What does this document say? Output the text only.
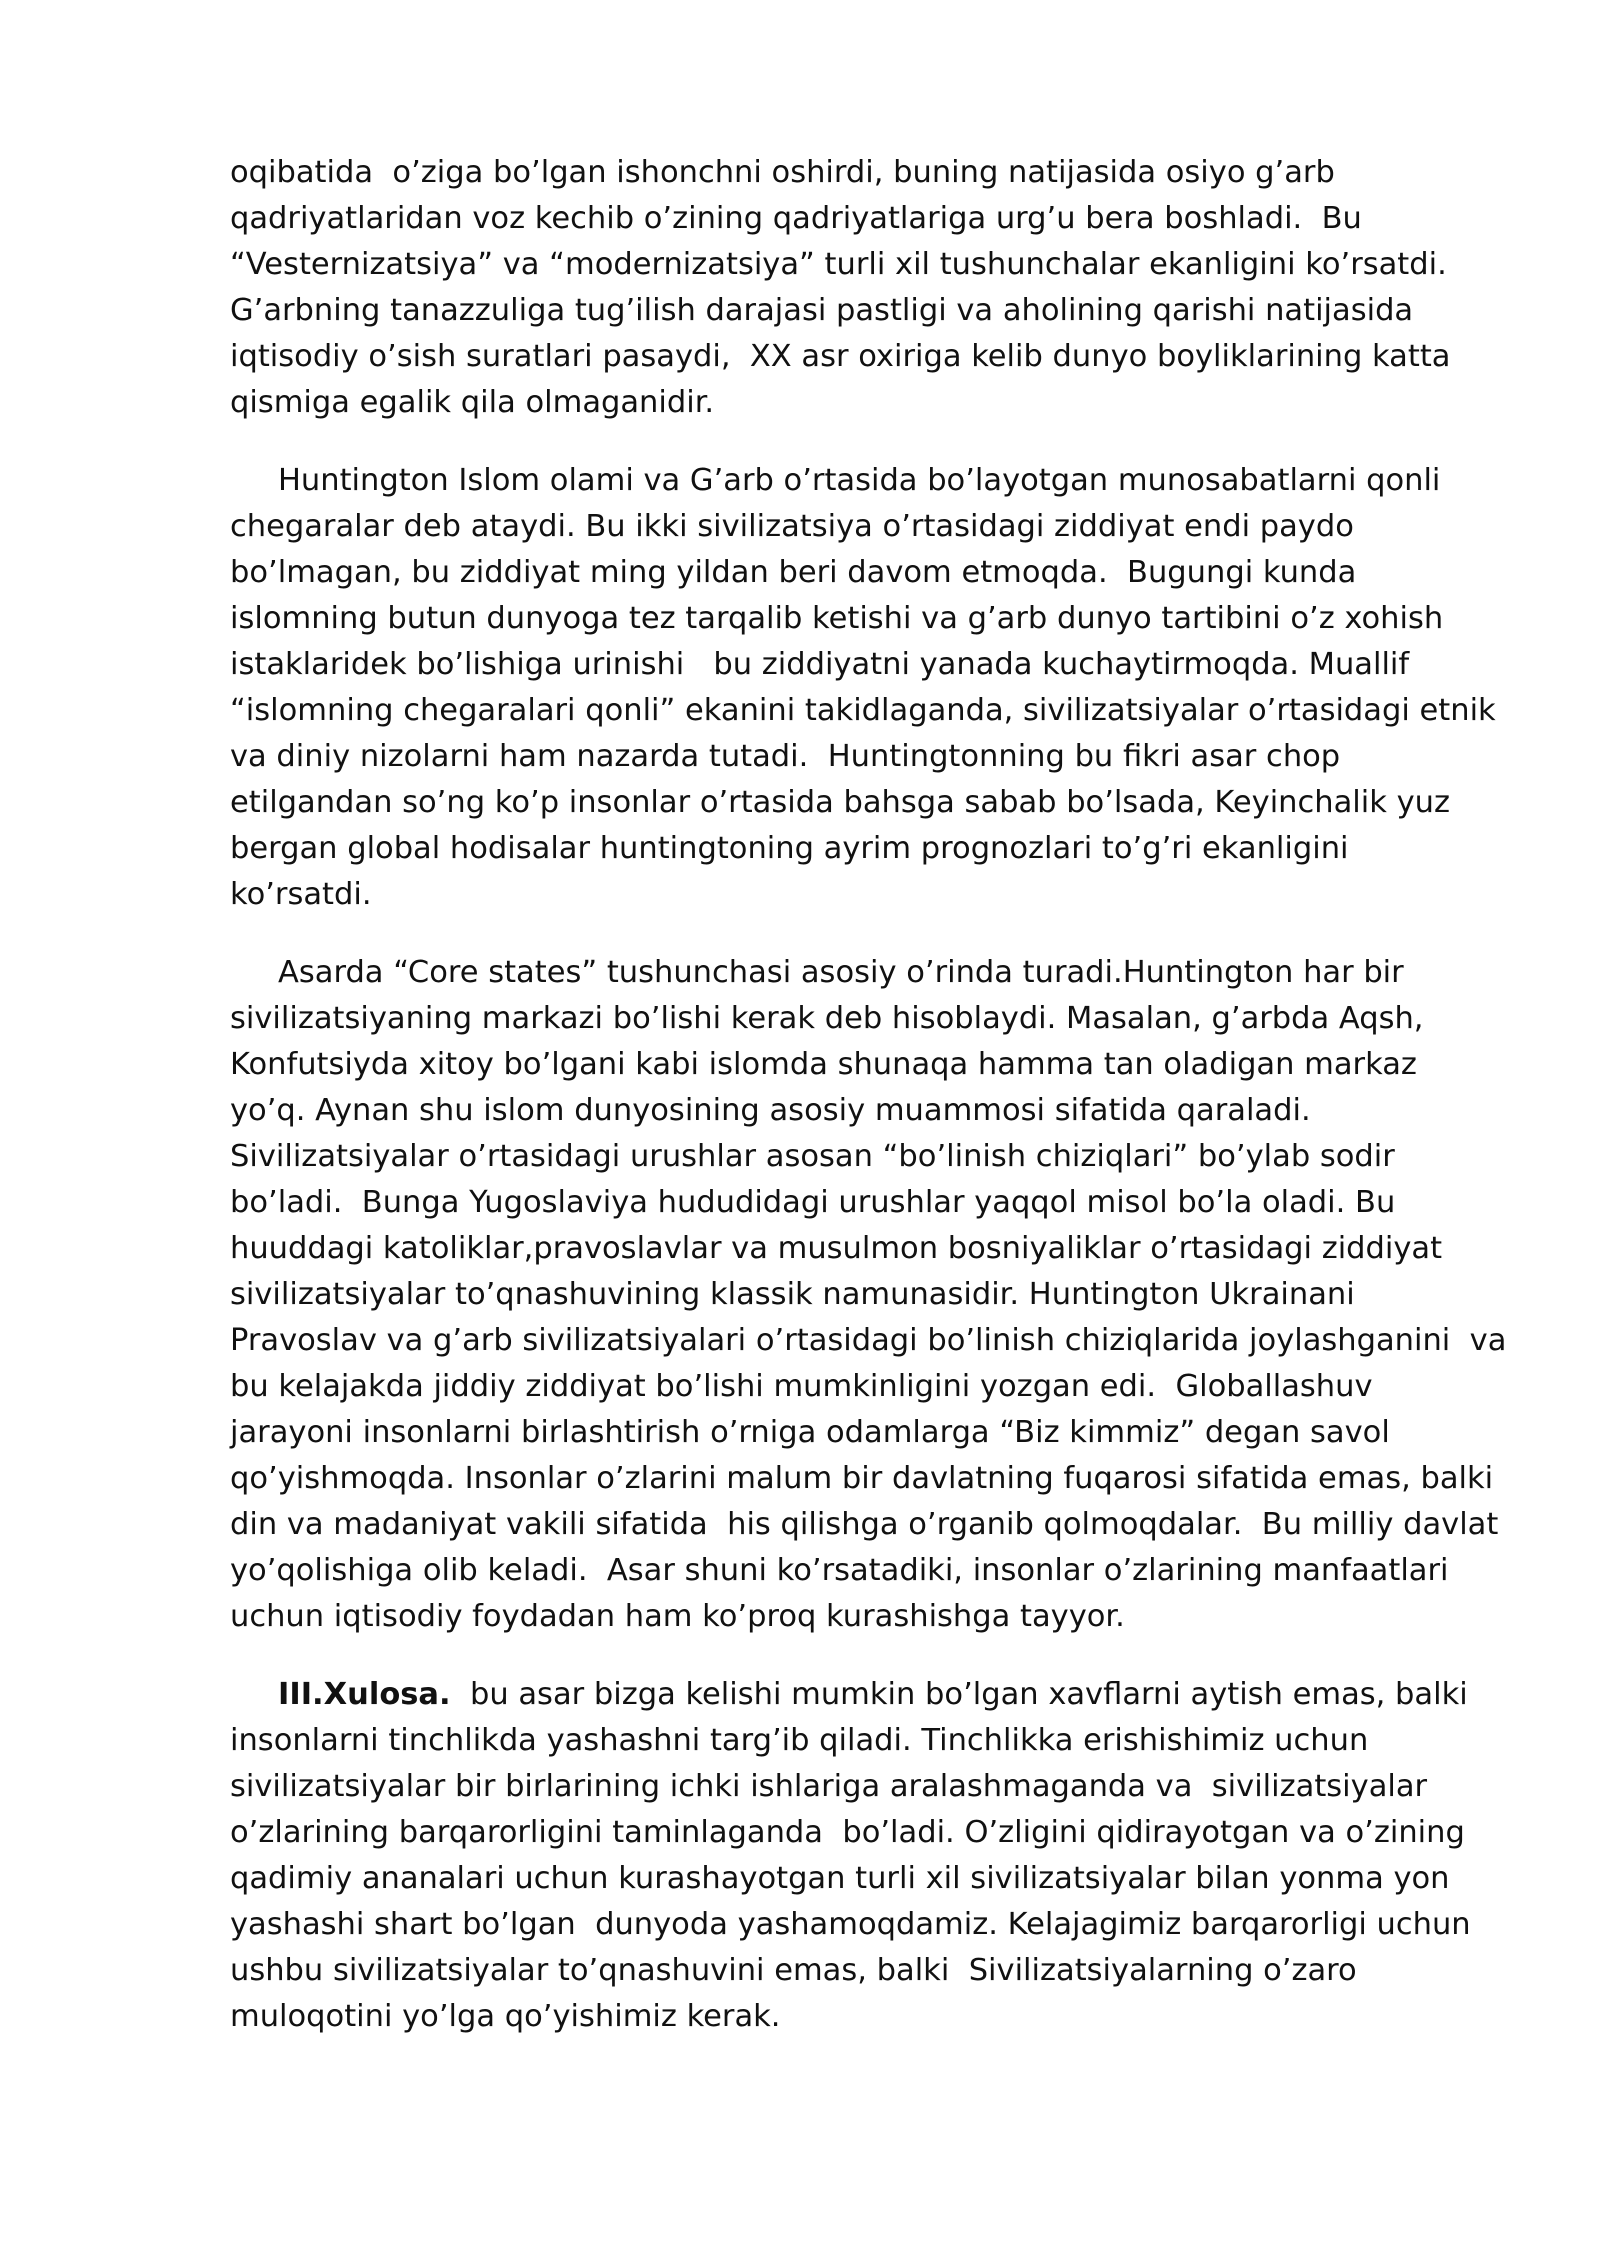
oqibatida  o’ziga bo’lgan ishonchni oshirdi, buning natijasida osiyo g’arb
qadriyatlaridan voz kechib o’zining qadriyatlariga urg’u bera boshladi.  Bu
“Vesternizatsiya” va “modernizatsiya” turli xil tushunchalar ekanligini ko’rsatdi.
G’arbning tanazzuliga tug’ilish darajasi pastligi va aholining qarishi natijasida
iqtisodiy o’sish suratlari pasaydi,  XX asr oxiriga kelib dunyo boyliklarining katta
qismiga egalik qila olmaganidir.
Huntington Islom olami va G’arb o’rtasida bo’layotgan munosabatlarni qonli
chegaralar deb ataydi. Bu ikki sivilizatsiya o’rtasidagi ziddiyat endi paydo
bo’lmagan, bu ziddiyat ming yildan beri davom etmoqda.  Bugungi kunda
islomning butun dunyoga tez tarqalib ketishi va g’arb dunyo tartibini o’z xohish
istaklaridek bo’lishiga urinishi   bu ziddiyatni yanada kuchaytirmoqda. Muallif
“islomning chegaralari qonli” ekanini takidlaganda, sivilizatsiyalar o’rtasidagi etnik
va diniy nizolarni ham nazarda tutadi.  Huntingtonning bu fikri asar chop
etilgandan so’ng ko’p insonlar o’rtasida bahsga sabab bo’lsada, Keyinchalik yuz
bergan global hodisalar huntingtoning ayrim prognozlari to’g’ri ekanligini
ko’rsatdi.
Asarda “Core states” tushunchasi asosiy o’rinda turadi.Huntington har bir
sivilizatsiyaning markazi bo’lishi kerak deb hisoblaydi. Masalan, g’arbda Aqsh,
Konfutsiyda xitoy bo’lgani kabi islomda shunaqa hamma tan oladigan markaz
yo’q. Aynan shu islom dunyosining asosiy muammosi sifatida qaraladi.
Sivilizatsiyalar o’rtasidagi urushlar asosan “bo’linish chiziqlari” bo’ylab sodir
bo’ladi.  Bunga Yugoslaviya hududidagi urushlar yaqqol misol bo’la oladi. Bu
huuddagi katoliklar,pravoslavlar va musulmon bosniyaliklar o’rtasidagi ziddiyat
sivilizatsiyalar to’qnashuvining klassik namunasidir. Huntington Ukrainani
Pravoslav va g’arb sivilizatsiyalari o’rtasidagi bo’linish chiziqlarida joylashganini  va
bu kelajakda jiddiy ziddiyat bo’lishi mumkinligini yozgan edi.  Globallashuv
jarayoni insonlarni birlashtirish o’rniga odamlarga “Biz kimmiz” degan savol
qo’yishmoqda. Insonlar o’zlarini malum bir davlatning fuqarosi sifatida emas, balki
din va madaniyat vakili sifatida  his qilishga o’rganib qolmoqdalar.  Bu milliy davlat
yo’qolishiga olib keladi.  Asar shuni ko’rsatadiki, insonlar o’zlarining manfaatlari
uchun iqtisodiy foydadan ham ko’proq kurashishga tayyor.
III.Xulosa.  bu asar bizga kelishi mumkin bo’lgan xavflarni aytish emas, balki
insonlarni tinchlikda yashashni targ’ib qiladi. Tinchlikka erishishimiz uchun
sivilizatsiyalar bir birlarining ichki ishlariga aralashmaganda va  sivilizatsiyalar
o’zlarining barqarorligini taminlaganda  bo’ladi. O’zligini qidirayotgan va o’zining
qadimiy ananalari uchun kurashayotgan turli xil sivilizatsiyalar bilan yonma yon
yashashi shart bo’lgan  dunyoda yashamoqdamiz. Kelajagimiz barqarorligi uchun
ushbu sivilizatsiyalar to’qnashuvini emas, balki  Sivilizatsiyalarning o’zaro
muloqotini yo’lga qo’yishimiz kerak.
